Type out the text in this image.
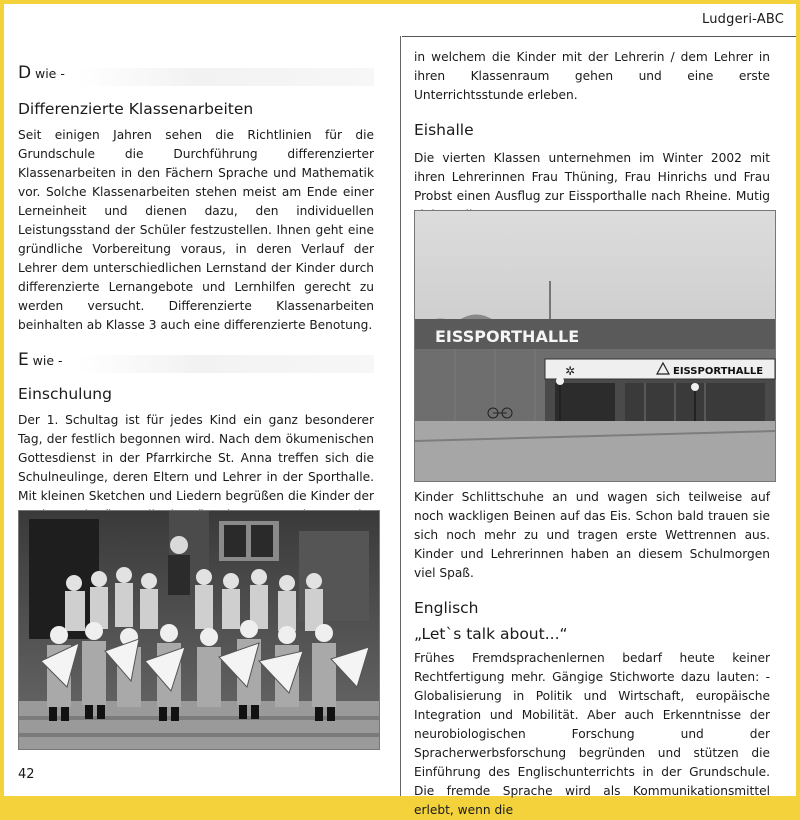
Ludgeri-ABC
D wie -
Differenzierte Klassenarbeiten

Seit einigen Jahren sehen die Richtlinien für die Grundschule die Durchführung differenzierter Klassenarbeiten in den Fächern Sprache und Mathematik vor. Solche Klassenarbeiten stehen meist am Ende einer Lerneinheit und dienen dazu, den individuellen Leistungsstand der Schüler festzustellen. Ihnen geht eine gründliche Vorbereitung voraus, in deren Verlauf der Lehrer dem unterschiedlichen Lernstand der Kinder durch differenzierte Lernangebote und Lernhilfen gerecht zu werden versucht. Differenzierte Klassenarbeiten beinhalten ab Klasse 3 auch eine differenzierte Benotung.

E wie -
Einschulung

Der 1. Schultag ist für jedes Kind ein ganz besonderer Tag, der festlich begonnen wird. Nach dem ökumenischen Gottesdienst in der Pfarrkirche St. Anna treffen sich die Schulneulinge, deren Eltern und Lehrer in der Sporthalle. Mit kleinen Sketchen und Liedern begrüßen die Kinder der

42

in welchem die Kinder mit der Lehrerin / dem Lehrer in ihren Klassenraum gehen und eine erste Unterrichtsstunde erleben.

Eishalle

Die vierten Klassen unternehmen im Winter 2002 mit ihren Lehrerinnen Frau Thüning, Frau Hinrichs und Frau Probst einen Ausflug zur Eissporthalle nach Rheine. Mutig

✲
EISSPORTHALLE
EISSPORTHALLE

Kinder Schlittschuhe an und wagen sich teilweise auf noch wackligen Beinen auf das Eis. Schon bald trauen sie sich noch mehr zu und tragen erste Wettrennen aus. Kinder und Lehrerinnen haben an diesem Schulmorgen viel Spaß.

Englisch
„Let`s talk about...“

Frühes Fremdsprachenlernen bedarf heute keiner Rechtfertigung mehr. Gängige Stichworte dazu lauten: - Globalisierung in Politik und Wirtschaft, europäische Integration und Mobilität. Aber auch Erkenntnisse der neurobiologischen Forschung und der Spracherwerbsforschung begründen und stützen die Einführung des Englischunterrichts in der Grundschule. Die fremde Sprache wird als Kommunikationsmittel erlebt, wenn die
